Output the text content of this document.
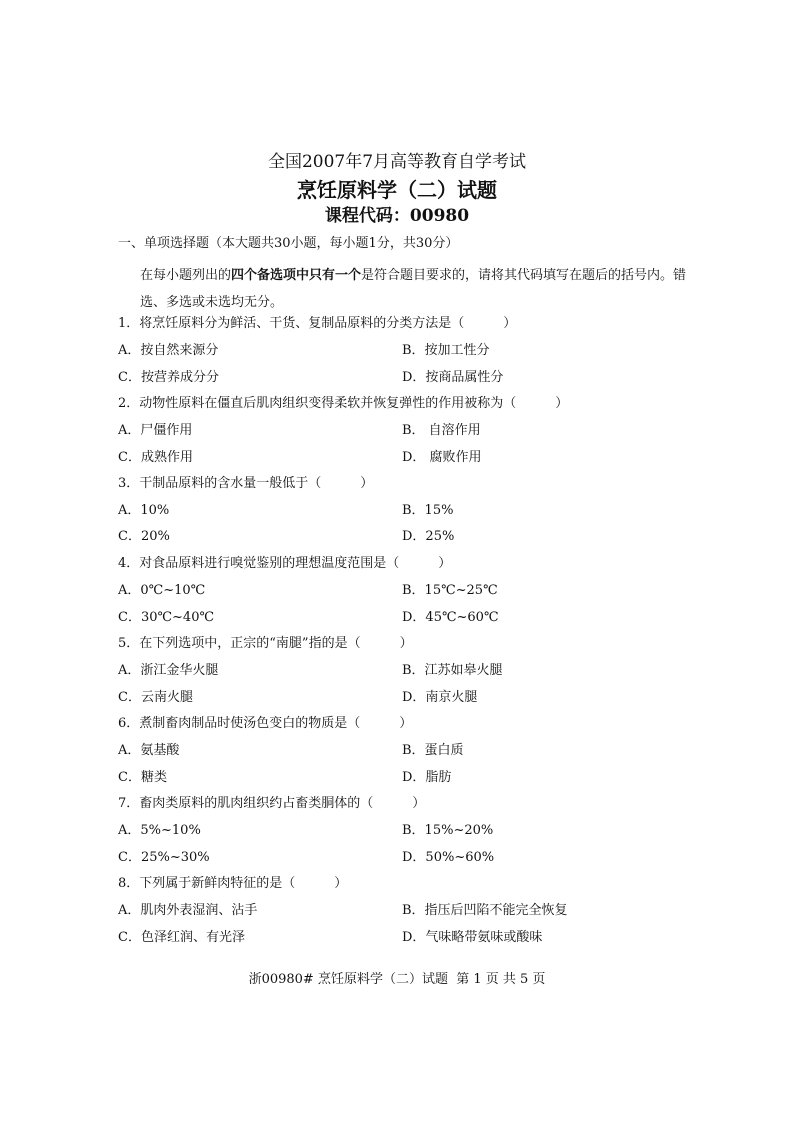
全国2007年7月高等教育自学考试
烹饪原料学（二）试题
课程代码：00980
一、单项选择题（本大题共30小题，每小题1分，共30分）
在每小题列出的四个备选项中只有一个是符合题目要求的，请将其代码填写在题后的括号内。错选、多选或未选均无分。
1．将烹饪原料分为鲜活、干货、复制品原料的分类方法是（　　　）
A．按自然来源分	B．按加工性分
C．按营养成分分	D．按商品属性分
2．动物性原料在僵直后肌肉组织变得柔软并恢复弹性的作用被称为（　　　）
A．尸僵作用	B． 自溶作用
C．成熟作用	D． 腐败作用
3．干制品原料的含水量一般低于（　　　）
A．10%	B．15%
C．20%	D．25%
4．对食品原料进行嗅觉鉴别的理想温度范围是（　　　）
A．0℃~10℃	B．15℃~25℃
C．30℃~40℃	D．45℃~60℃
5．在下列选项中，正宗的“南腿”指的是（　　　）
A．浙江金华火腿	B．江苏如皋火腿
C．云南火腿	D．南京火腿
6．煮制畜肉制品时使汤色变白的物质是（　　　）
A．氨基酸	B．蛋白质
C．糖类	D．脂肪
7．畜肉类原料的肌肉组织约占畜类胴体的（　　　）
A．5%~10%	B．15%~20%
C．25%~30%	D．50%~60%
8．下列属于新鲜肉特征的是（　　　）
A．肌肉外表湿润、沾手	B．指压后凹陷不能完全恢复
C．色泽红润、有光泽	D．气味略带氨味或酸味
浙00980# 烹饪原料学（二）试题  第 1 页 共 5 页
